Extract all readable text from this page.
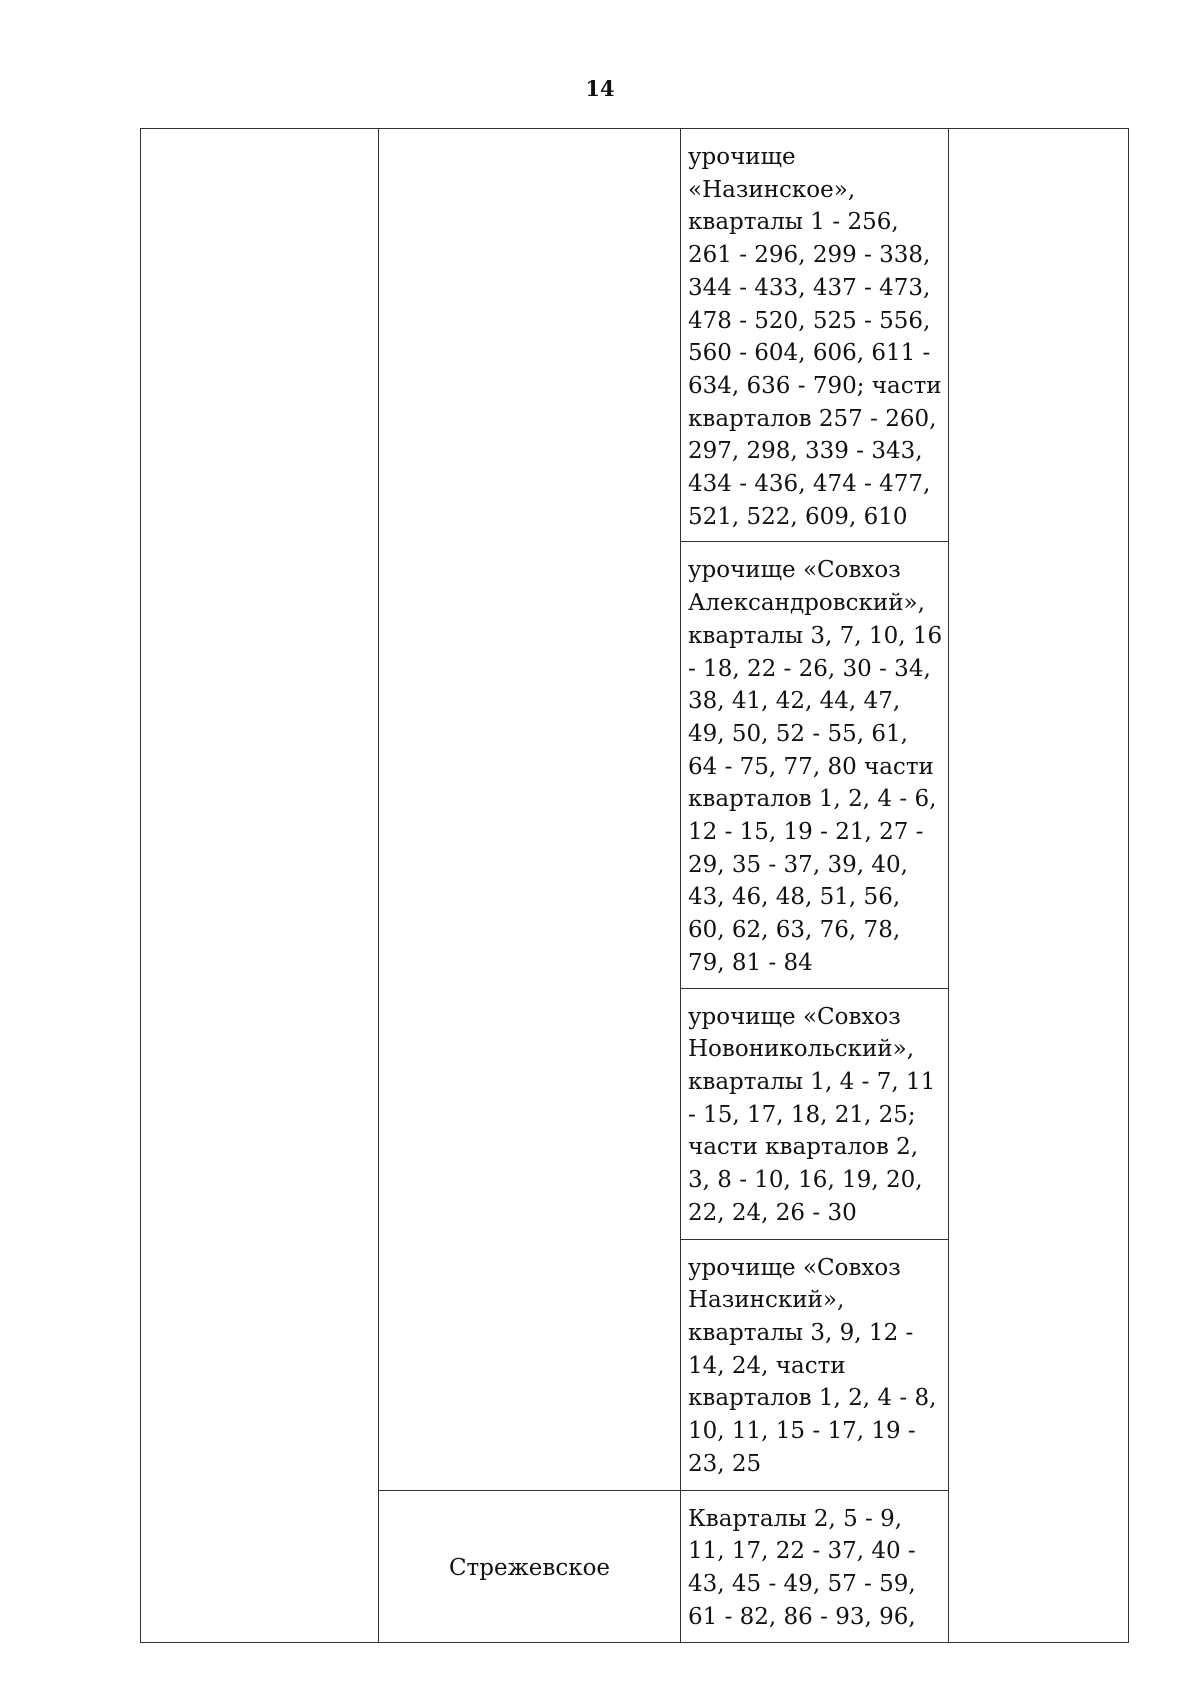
14

		урочище «Назинское», кварталы 1 - 256, 261 - 296, 299 - 338, 344 - 433, 437 - 473, 478 - 520, 525 - 556, 560 - 604, 606, 611 - 634, 636 - 790; части кварталов 257 - 260, 297, 298, 339 - 343, 434 - 436, 474 - 477, 521, 522, 609, 610	

		урочище «Совхоз Александровский», кварталы 3, 7, 10, 16 - 18, 22 - 26, 30 - 34, 38, 41, 42, 44, 47, 49, 50, 52 - 55, 61, 64 - 75, 77, 80 части кварталов 1, 2, 4 - 6, 12 - 15, 19 - 21, 27 - 29, 35 - 37, 39, 40, 43, 46, 48, 51, 56, 60, 62, 63, 76, 78, 79, 81 - 84	

		урочище «Совхоз Новоникольский», кварталы 1, 4 - 7, 11 - 15, 17, 18, 21, 25; части кварталов 2, 3, 8 - 10, 16, 19, 20, 22, 24, 26 - 30	

		урочище «Совхоз Назинский», кварталы 3, 9, 12 - 14, 24, части кварталов 1, 2, 4 - 8, 10, 11, 15 - 17, 19 - 23, 25	

	Стрежевское	Кварталы 2, 5 - 9, 11, 17, 22 - 37, 40 - 43, 45 - 49, 57 - 59, 61 - 82, 86 - 93, 96,	
